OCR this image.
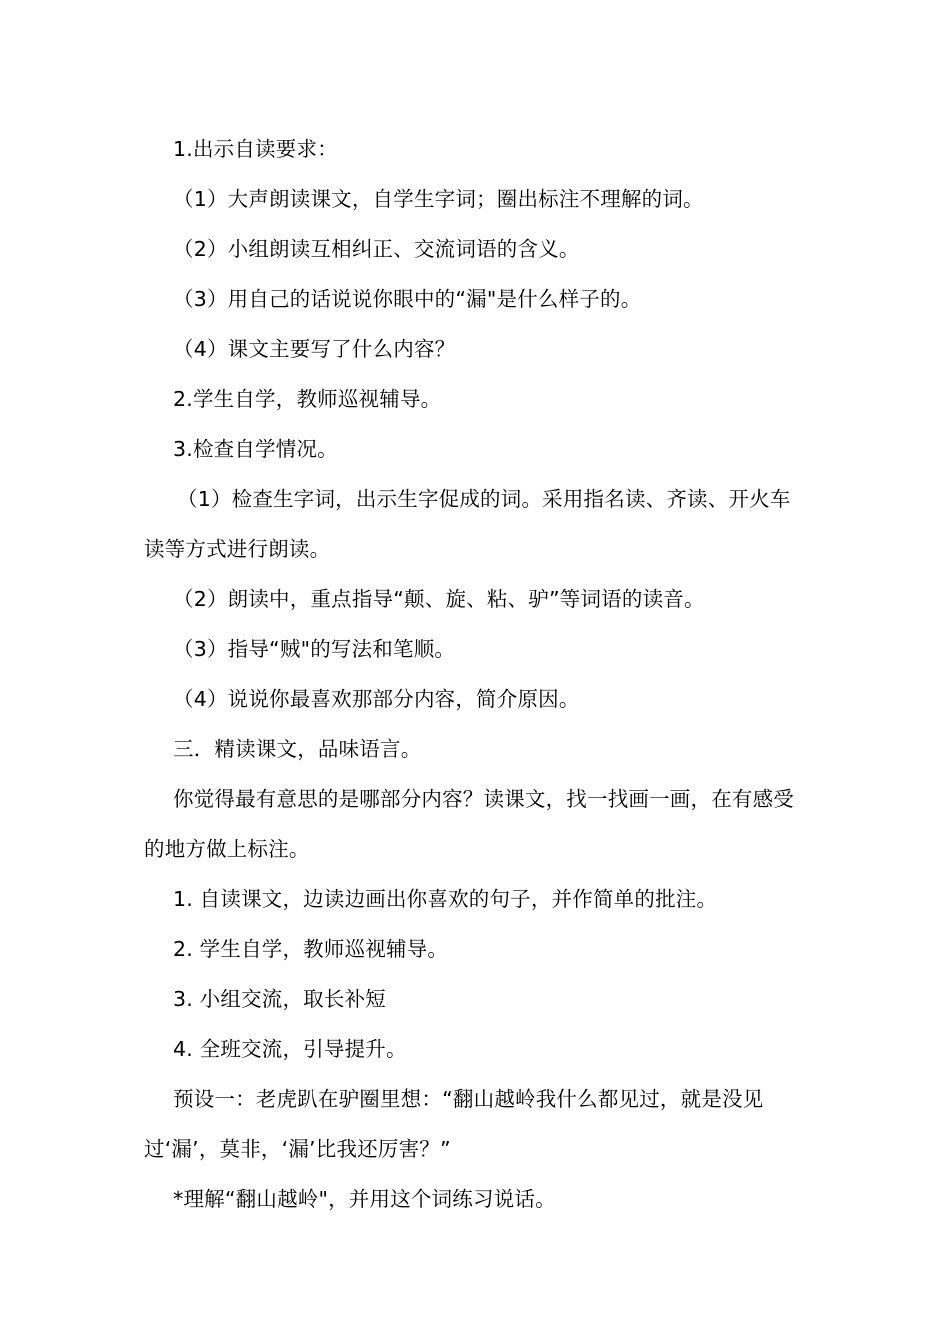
1.出示自读要求：

（1）大声朗读课文，自学生字词；圈出标注不理解的词。

（2）小组朗读互相纠正、交流词语的含义。

（3）用自己的话说说你眼中的“漏"是什么样子的。

（4）课文主要写了什么内容？

2.学生自学，教师巡视辅导。

3.检查自学情况。

（1）检查生字词，出示生字促成的词。采用指名读、齐读、开火车读等方式进行朗读。

（2）朗读中，重点指导“颠、旋、粘、驴”等词语的读音。

（3）指导“贼"的写法和笔顺。

（4）说说你最喜欢那部分内容，简介原因。

三．精读课文，品味语言。

你觉得最有意思的是哪部分内容？读课文，找一找画一画，在有感受的地方做上标注。

1. 自读课文，边读边画出你喜欢的句子，并作简单的批注。

2. 学生自学，教师巡视辅导。

3. 小组交流，取长补短

4. 全班交流，引导提升。

预设一：老虎趴在驴圈里想：“翻山越岭我什么都见过，就是没见过‘漏’，莫非，‘漏’比我还厉害？”

*理解“翻山越岭"，并用这个词练习说话。
